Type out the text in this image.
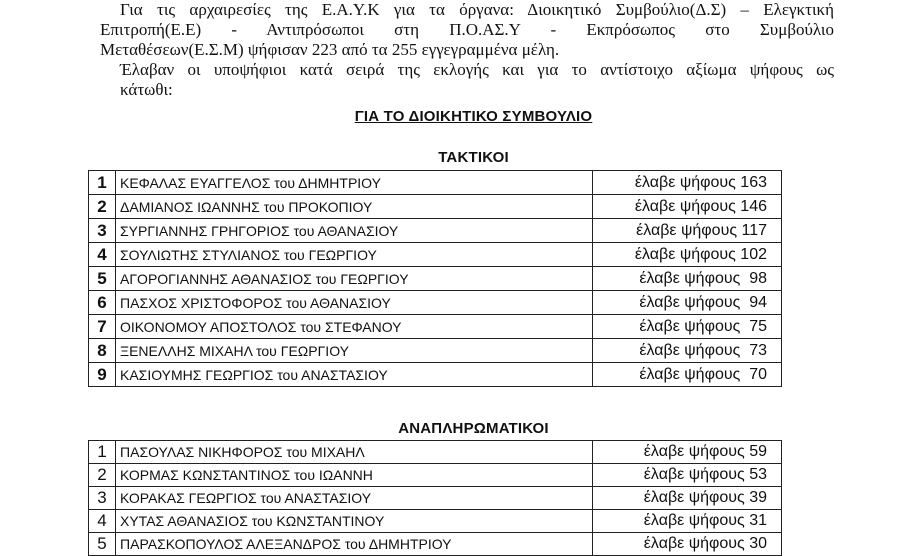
Για τις αρχαιρεσίες της Ε.Α.Υ.Κ για τα όργανα: Διοικητικό Συμβούλιο(Δ.Σ) – Ελεγκτική
Επιτροπή(Ε.Ε) - Αντιπρόσωποι στη Π.Ο.ΑΣ.Υ - Εκπρόσωπος στο Συμβούλιο
Μεταθέσεων(Ε.Σ.Μ) ψήφισαν 223 από τα 255 εγγεγραμμένα μέλη.
Έλαβαν οι υποψήφιοι κατά σειρά της εκλογής και για το αντίστοιχο αξίωμα ψήφους ως
κάτωθι:

ΓΙΑ ΤΟ ΔΙΟΙΚΗΤΙΚΟ ΣΥΜΒΟΥΛΙΟ
ΤΑΚΤΙΚΟΙ
1	ΚΕΦΑΛΑΣ ΕΥΑΓΓΕΛΟΣ του ΔΗΜΗΤΡΙΟΥ	έλαβε ψήφους 163
2	ΔΑΜΙΑΝΟΣ ΙΩΑΝΝΗΣ του ΠΡΟΚΟΠΙΟΥ	έλαβε ψήφους 146
3	ΣΥΡΓΙΑΝΝΗΣ ΓΡΗΓΟΡΙΟΣ του ΑΘΑΝΑΣΙΟΥ	έλαβε ψήφους 117
4	ΣΟΥΛΙΩΤΗΣ ΣΤΥΛΙΑΝΟΣ του ΓΕΩΡΓΙΟΥ	έλαβε ψήφους 102
5	ΑΓΟΡΟΓΙΑΝΝΗΣ ΑΘΑΝΑΣΙΟΣ του ΓΕΩΡΓΙΟΥ	έλαβε ψήφους  98
6	ΠΑΣΧΟΣ ΧΡΙΣΤΟΦΟΡΟΣ του ΑΘΑΝΑΣΙΟΥ	έλαβε ψήφους  94
7	ΟΙΚΟΝΟΜΟΥ ΑΠΟΣΤΟΛΟΣ του ΣΤΕΦΑΝΟΥ	έλαβε ψήφους  75
8	ΞΕΝΕΛΛΗΣ ΜΙΧΑΗΛ του ΓΕΩΡΓΙΟΥ	έλαβε ψήφους  73
9	ΚΑΣΙΟΥΜΗΣ ΓΕΩΡΓΙΟΣ του ΑΝΑΣΤΑΣΙΟΥ	έλαβε ψήφους  70
ΑΝΑΠΛΗΡΩΜΑΤΙΚΟΙ
1	ΠΑΣΟΥΛΑΣ ΝΙΚΗΦΟΡΟΣ του ΜΙΧΑΗΛ	έλαβε ψήφους 59
2	ΚΟΡΜΑΣ ΚΩΝΣΤΑΝΤΙΝΟΣ του ΙΩΑΝΝΗ	έλαβε ψήφους 53
3	ΚΟΡΑΚΑΣ ΓΕΩΡΓΙΟΣ του ΑΝΑΣΤΑΣΙΟΥ	έλαβε ψήφους 39
4	ΧΥΤΑΣ ΑΘΑΝΑΣΙΟΣ του ΚΩΝΣΤΑΝΤΙΝΟΥ	έλαβε ψήφους 31
5	ΠΑΡΑΣΚΟΠΟΥΛΟΣ ΑΛΕΞΑΝΔΡΟΣ του ΔΗΜΗΤΡΙΟΥ	έλαβε ψήφους 30
